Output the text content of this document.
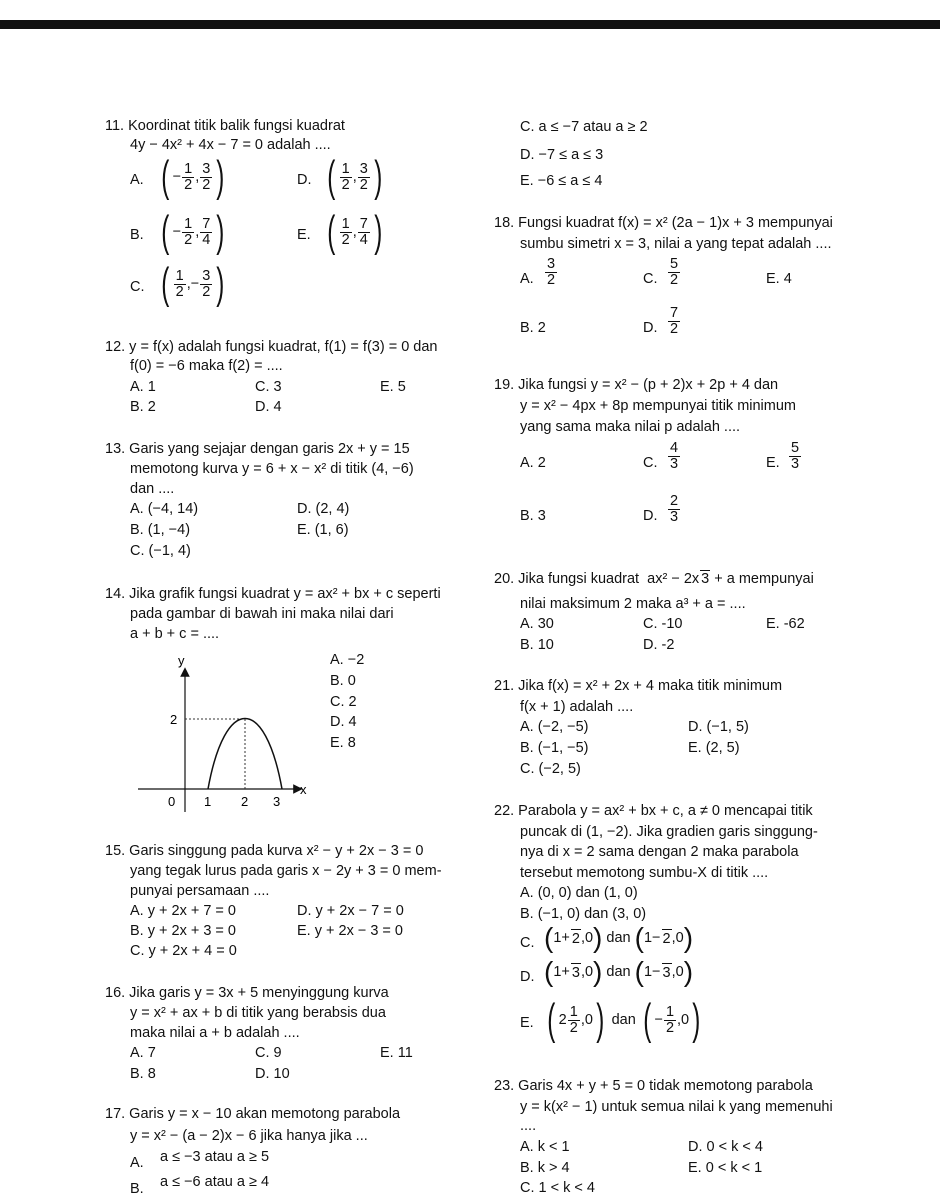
11. Koordinat titik balik fungsi kuadrat
4y − 4x² + 4x − 7 = 0 adalah ....
A. ( − $\frac{1}{2}$ , $\frac{3}{2}$ )	D. ( $\frac{1}{2}$ , $\frac{3}{2}$ )
B. ( − $\frac{1}{2}$ , $\frac{7}{4}$ )	E. ( $\frac{1}{2}$ , $\frac{7}{4}$ )
C. ( $\frac{1}{2}$ , − $\frac{3}{2}$ )
12. y = f(x) adalah fungsi kuadrat, f(1) = f(3) = 0 dan
f(0) = −6 maka f(2) = ....
A. 1	C. 3	E. 5
B. 2	D. 4
13. Garis yang sejajar dengan garis 2x + y = 15
memotong kurva y = 6 + x − x² di titik (4, −6)
dan ....
A. (−4, 14)	D. (2, 4)
B. (1, −4)	E. (1, 6)
C. (−1, 4)
14. Jika grafik fungsi kuadrat y = ax² + bx + c seperti
pada gambar di bawah ini maka nilai dari
a + b + c = ....
A. −2
B. 0
C. 2
D. 4
E. 8
y
x
0 1 2 3
2
15. Garis singgung pada kurva x² − y + 2x − 3 = 0
yang tegak lurus pada garis x − 2y + 3 = 0 mem-
punyai persamaan ....
A. y + 2x + 7 = 0	D. y + 2x − 7 = 0
B. y + 2x + 3 = 0	E. y + 2x − 3 = 0
C. y + 2x + 4 = 0
16. Jika garis y = 3x + 5 menyinggung kurva
y = x² + ax + b di titik yang berabsis dua
maka nilai a + b adalah ....
A. 7	C. 9	E. 11
B. 8	D. 10
17. Garis y = x − 10 akan memotong parabola
y = x² − (a − 2)x − 6 jika hanya jika ...
A. a ≤ −3 atau a ≥ 5
B. a ≤ −6 atau a ≥ 4
C. a ≤ −7 atau a ≥ 2
D. −7 ≤ a ≤ 3
E. −6 ≤ a ≤ 4
18. Fungsi kuadrat f(x) = x² (2a − 1)x + 3 mempunyai
sumbu simetri x = 3, nilai a yang tepat adalah ....
A. $\frac{3}{2}$	C. $\frac{5}{2}$	E. 4
B. 2	D. $\frac{7}{2}$
19. Jika fungsi y = x² − (p + 2)x + 2p + 4 dan
y = x² − 4px + 8p mempunyai titik minimum
yang sama maka nilai p adalah ....
A. 2	C. $\frac{4}{3}$	E. $\frac{5}{3}$
B. 3	D. $\frac{2}{3}$
20. Jika fungsi kuadrat ax² − 2x 3 + a mempunyai
nilai maksimum 2 maka a³ + a = ....
A. 30	C. -10	E. -62
B. 10	D. -2
21. Jika f(x) = x² + 2x + 4 maka titik minimum
f(x + 1) adalah ....
A. (−2, −5)	D. (−1, 5)
B. (−1, −5)	E. (2, 5)
C. (−2, 5)
22. Parabola y = ax² + bx + c, a ≠ 0 mencapai titik
puncak di (1, −2). Jika gradien garis singgung-
nya di x = 2 sama dengan 2 maka parabola
tersebut memotong sumbu-X di titik ....
A. (0, 0) dan (1, 0)
B. (−1, 0) dan (3, 0)
C. ( 1+ 2 ,0 )
dan
( 1− 2 ,0 )
D. ( 1+ 3 ,0 )
dan
( 1− 3 ,0 )
E. ( $2 \frac{1}{2} ,0$ )
dan
( − $\frac{1}{2} ,0$ )
23. Garis 4x + y + 5 = 0 tidak memotong parabola
y = k(x² − 1) untuk semua nilai k yang memenuhi
....
A. k < 1	D. 0 < k < 4
B. k > 4	E. 0 < k < 1
C. 1 < k < 4
